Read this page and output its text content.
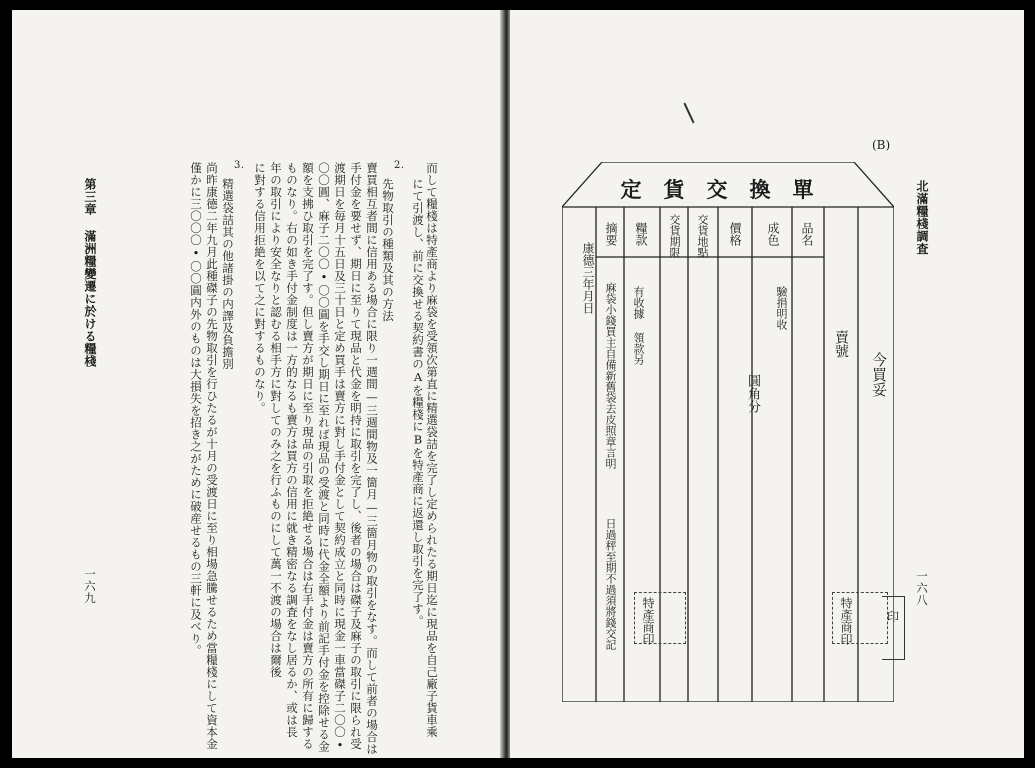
第三章 滿洲糧變遷に於ける糧棧
一六九	而して糧棧は特產商より麻袋を受領次第直に精選袋詰を完了し定められたる期日迄に現品を自己廠子貨車乘
にて引渡し、前に交換せる契約書のAを糧棧にBを特產商に返還し取引を完了す。
2.
先物取引の種類及其の方法
賣買相互者間に信用ある場合に限り一週間—三週間物及一箇月—三箇月物の取引をなす。而して前者の場合は
手付金を要せず、期日に至りて現品と代金を明持に取引を完了し、後者の場合は磔子及麻子の取引に限られ受
渡期日を毎月十五日及三十日と定め買手は賣方に對し手付金として契約成立と同時に現金一車當磔子二〇〇•
〇〇圓、麻子二〇〇•〇〇圓を手交し期日に至れば現品の受渡と同時に代金全額より前記手付金を控除せる金
額を支拂ひ取引を完了す。但し賣方が期日に至り現品の引取を拒絶せる場合は右手付金は賣方の所有に歸する
ものなり。右の如き手付金制度は一方的なるも賣方は買方の信用に就き精密なる調査をなし居るか、或は長
年の取引により安全なりと認むる相手方に對してのみ之を行ふものにして萬一不渡の場合は爾後
に對する信用拒絶を以て之に對するものなり。
3.
精選袋詰其の他諸掛の内譯及負擔別
尚昨康德二年九月此種磔子の先物取引を行ひたるが十月の受渡日に至り相場急騰せるため當糧棧にして資本金
僅かに三〇〇〇•〇〇圓内外のものは大損失を招き之がために破産せるもの三軒に及べり。
(B)
北滿糧棧調査
一六八
印
定貨交換單
品名
成色
價格
交貨地點
交貨期限
糧款
摘要
今買妥
賣號
驗捐明收
圓角分
有收據 領款另
麻袋小錢買主自備新舊袋去皮照章言明
日過秤至期不過須將錢交記
康德三年月日
特產商印	特產商印
